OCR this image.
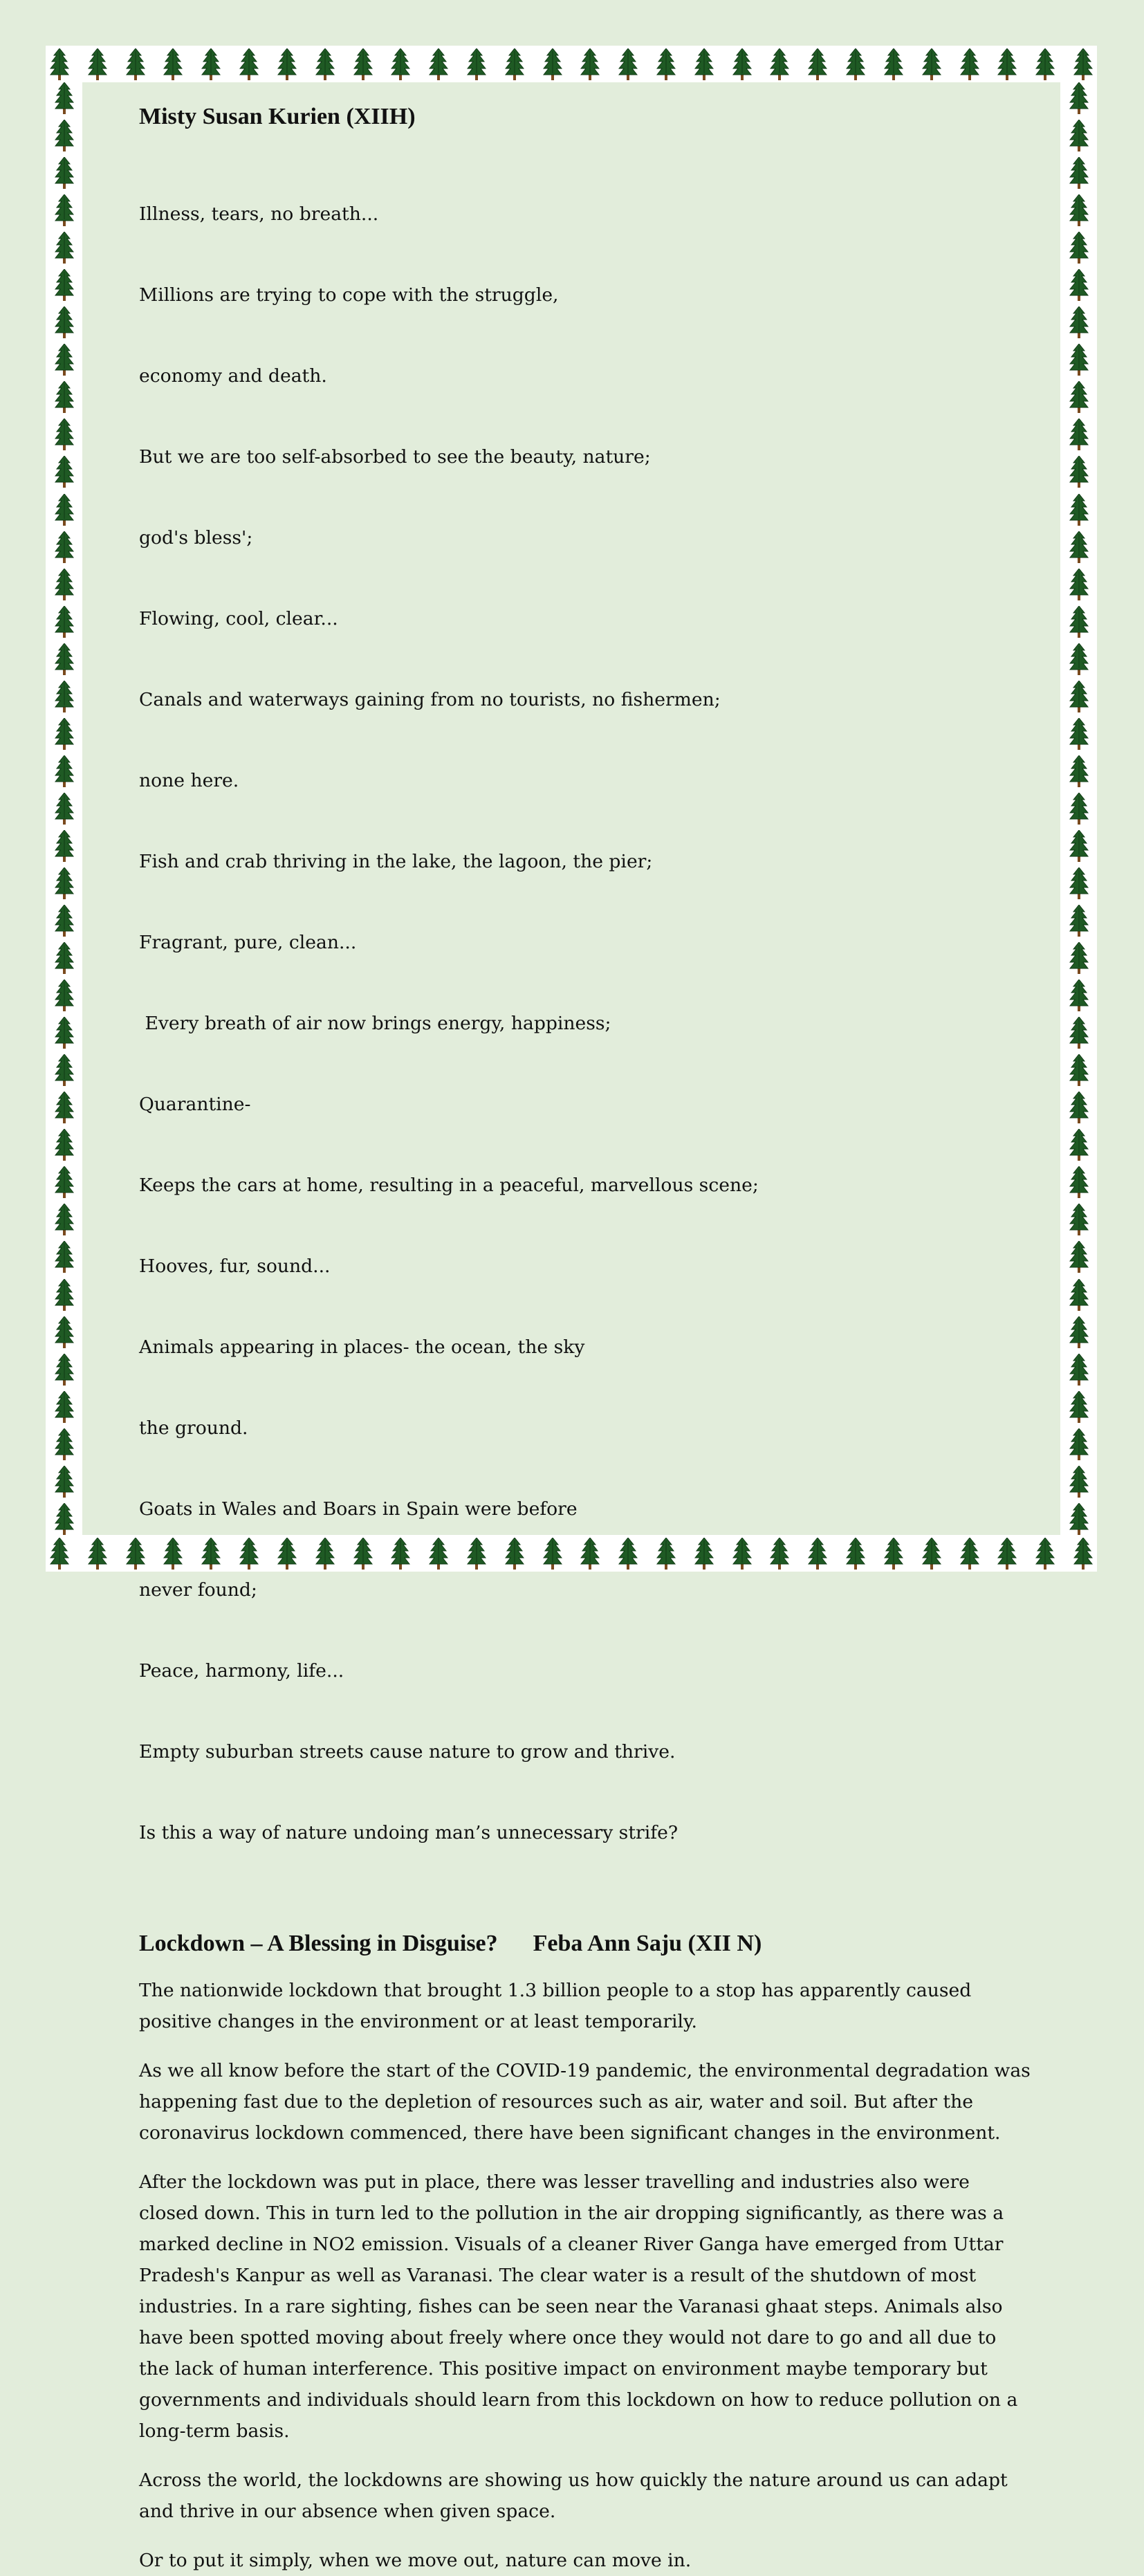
Misty Susan Kurien (XIIH)

Illness, tears, no breath...

Millions are trying to cope with the struggle,

economy and death.

But we are too self-absorbed to see the beauty, nature;

god's bless';

Flowing, cool, clear...

Canals and waterways gaining from no tourists, no fishermen;

none here.

Fish and crab thriving in the lake, the lagoon, the pier;

Fragrant, pure, clean...

Every breath of air now brings energy, happiness;

Quarantine-

Keeps the cars at home, resulting in a peaceful, marvellous scene;

Hooves, fur, sound...

Animals appearing in places- the ocean, the sky

the ground.

Goats in Wales and Boars in Spain were before

never found;

Peace, harmony, life...

Empty suburban streets cause nature to grow and thrive.

Is this a way of nature undoing man’s unnecessary strife?

Lockdown – A Blessing in Disguise? Feba Ann Saju (XII N)

The nationwide lockdown that brought 1.3 billion people to a stop has apparently caused positive changes in the environment or at least temporarily.

As we all know before the start of the COVID-19 pandemic, the environmental degradation was happening fast due to the depletion of resources such as air, water and soil. But after the coronavirus lockdown commenced, there have been significant changes in the environment.

After the lockdown was put in place, there was lesser travelling and industries also were closed down. This in turn led to the pollution in the air dropping significantly, as there was a marked decline in NO2 emission. Visuals of a cleaner River Ganga have emerged from Uttar Pradesh's Kanpur as well as Varanasi. The clear water is a result of the shutdown of most industries. In a rare sighting, fishes can be seen near the Varanasi ghaat steps. Animals also have been spotted moving about freely where once they would not dare to go and all due to the lack of human interference. This positive impact on environment maybe temporary but governments and individuals should learn from this lockdown on how to reduce pollution on a long-term basis.

Across the world, the lockdowns are showing us how quickly the nature around us can adapt and thrive in our absence when given space.

Or to put it simply, when we move out, nature can move in.
